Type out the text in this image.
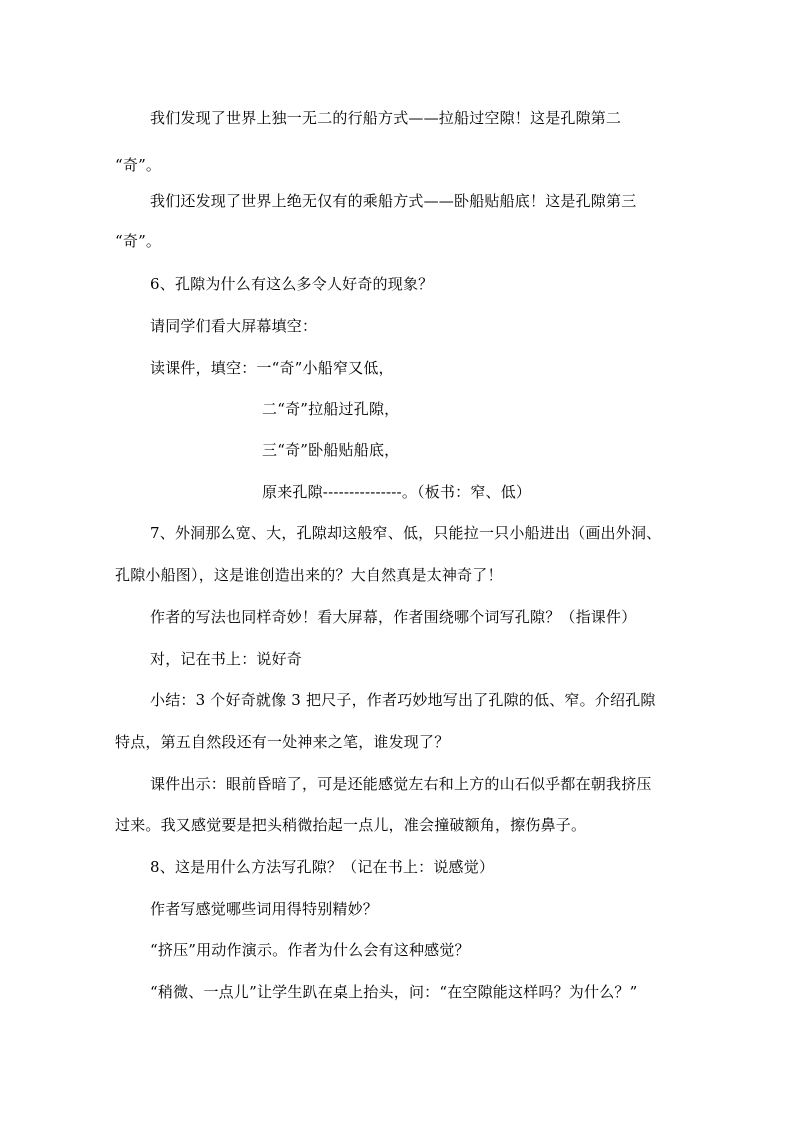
我们发现了世界上独一无二的行船方式——拉船过空隙！这是孔隙第二
“奇”。
我们还发现了世界上绝无仅有的乘船方式——卧船贴船底！这是孔隙第三
“奇”。
6、孔隙为什么有这么多令人好奇的现象？
请同学们看大屏幕填空：
读课件，填空：一“奇”小船窄又低，
二“奇”拉船过孔隙，
三“奇”卧船贴船底，
原来孔隙---------------。（板书：窄、低）
7、外洞那么宽、大，孔隙却这般窄、低，只能拉一只小船进出（画出外洞、
孔隙小船图），这是谁创造出来的？大自然真是太神奇了！
作者的写法也同样奇妙！看大屏幕，作者围绕哪个词写孔隙？（指课件）
对，记在书上：说好奇
小结：3 个好奇就像 3 把尺子，作者巧妙地写出了孔隙的低、窄。介绍孔隙
特点，第五自然段还有一处神来之笔，谁发现了？
课件出示：眼前昏暗了，可是还能感觉左右和上方的山石似乎都在朝我挤压
过来。我又感觉要是把头稍微抬起一点儿，准会撞破额角，擦伤鼻子。
8、这是用什么方法写孔隙？（记在书上：说感觉）
作者写感觉哪些词用得特别精妙？
“挤压”用动作演示。作者为什么会有这种感觉？
“稍微、一点儿”让学生趴在桌上抬头，问：“在空隙能这样吗？为什么？”
